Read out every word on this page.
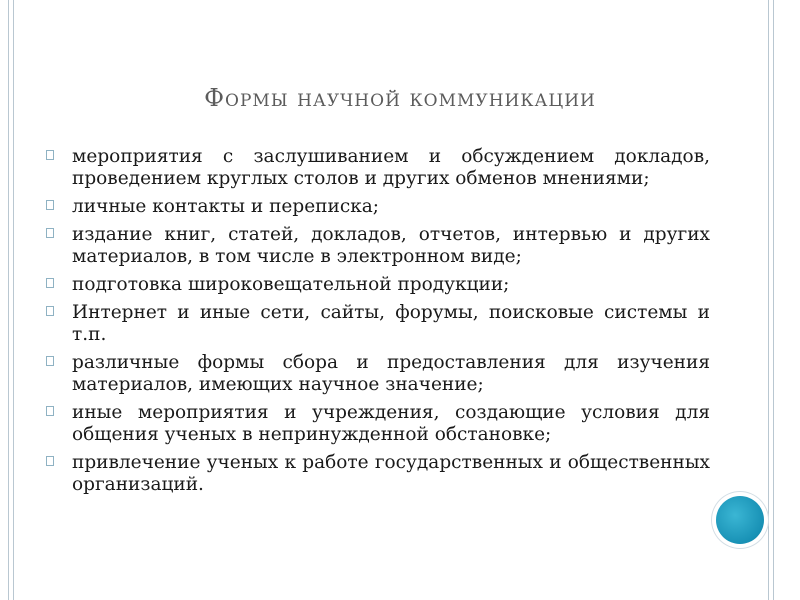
Формы научной коммуникации
мероприятия с заслушиванием и обсуждением докладов, проведением круглых столов и других обменов мнениями;
личные контакты и переписка;
издание книг, статей, докладов, отчетов, интервью и других материалов, в том числе в электронном виде;
подготовка широковещательной продукции;
Интернет и иные сети, сайты, форумы, поисковые системы и т.п.
различные формы сбора и предоставления для изучения материалов, имеющих научное значение;
иные мероприятия и учреждения, создающие условия для общения ученых в непринужденной обстановке;
привлечение ученых к работе государственных и общественных организаций.
